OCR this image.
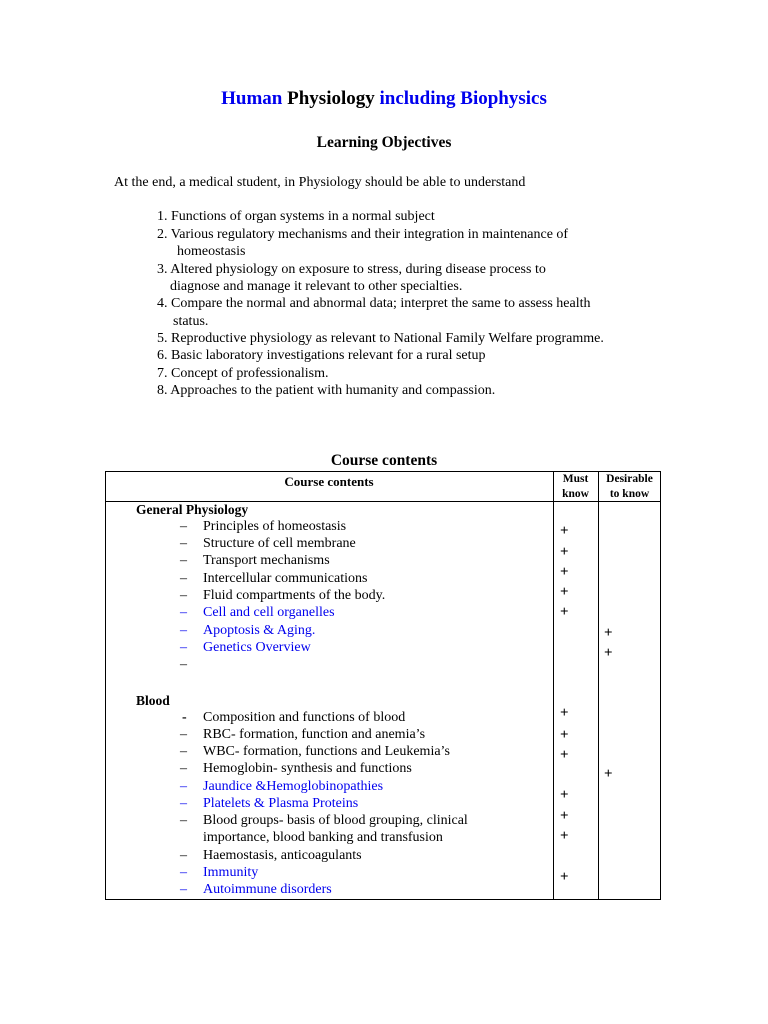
Human Physiology including Biophysics
Learning Objectives
At the end, a medical student, in Physiology should be able to understand
1. Functions of organ systems in a normal subject
2. Various regulatory mechanisms and their integration in maintenance of
homeostasis
3. Altered physiology on exposure to stress, during disease process to
diagnose and manage it relevant to other specialties.
4. Compare the normal and abnormal data; interpret the same to assess health
status.
5. Reproductive physiology as relevant to National Family Welfare programme.
6. Basic laboratory investigations relevant for a rural setup
7. Concept of professionalism.
8. Approaches to the patient with humanity and compassion.
Course contents
Course contents	Must
know
Desirable
to know
General Physiology
– Principles of homeostasis
– Structure of cell membrane
– Transport mechanisms
– Intercellular communications
– Fluid compartments of the body.
– Cell and cell organelles
– Apoptosis & Aging.
– Genetics Overview
–
+
+
+
+
+
+
+
Blood
- Composition and functions of blood
– RBC- formation, function and anemia’s
– WBC- formation, functions and Leukemia’s
– Hemoglobin- synthesis and functions
– Jaundice &Hemoglobinopathies
– Platelets & Plasma Proteins
– Blood groups- basis of blood grouping, clinical
importance, blood banking and transfusion
– Haemostasis, anticoagulants
– Immunity
– Autoimmune disorders
+
+
+
+
+
+
+
+
